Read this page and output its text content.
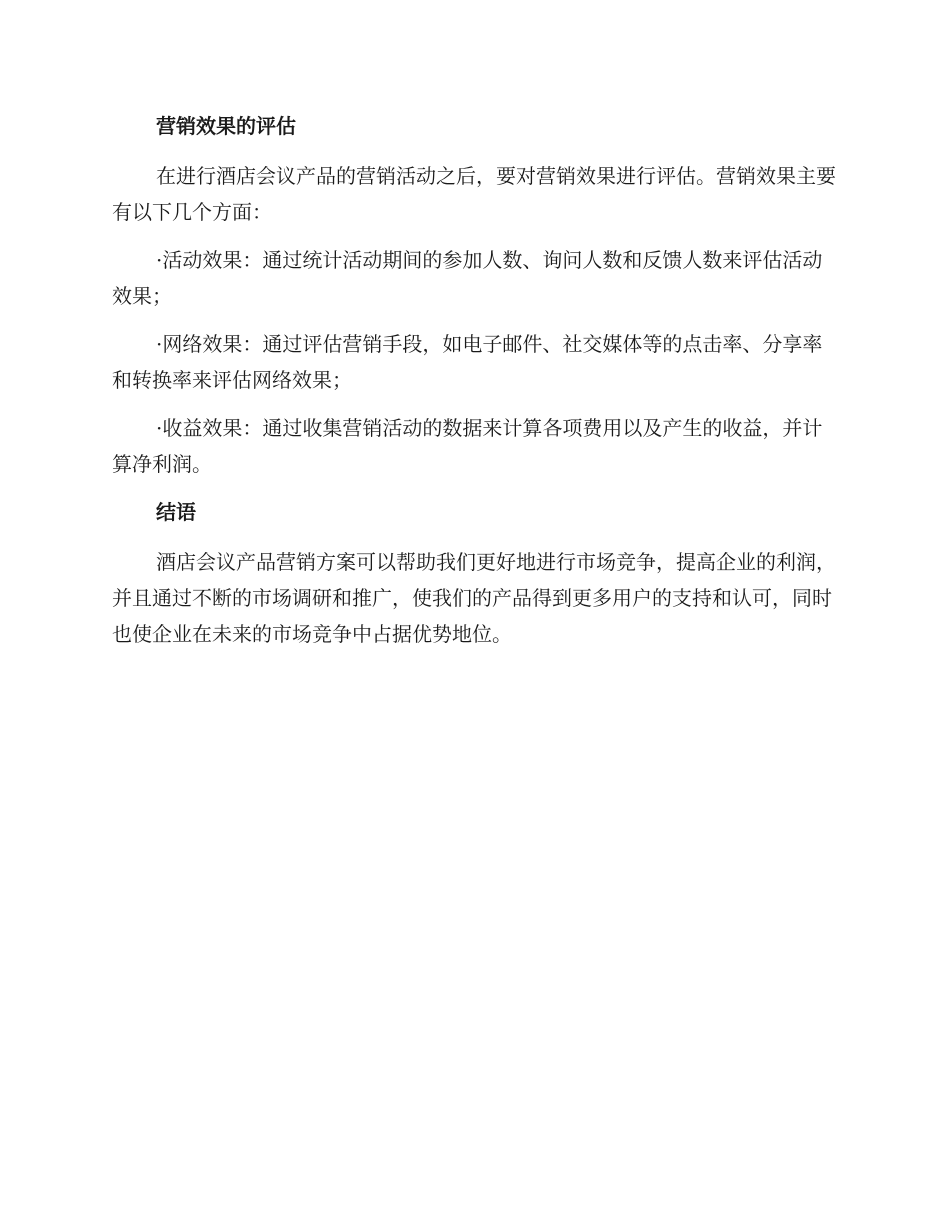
营销效果的评估

在进行酒店会议产品的营销活动之后，要对营销效果进行评估。营销效果主要有以下几个方面：

·活动效果：通过统计活动期间的参加人数、询问人数和反馈人数来评估活动效果；

·网络效果：通过评估营销手段，如电子邮件、社交媒体等的点击率、分享率和转换率来评估网络效果；

·收益效果：通过收集营销活动的数据来计算各项费用以及产生的收益，并计算净利润。

结语

酒店会议产品营销方案可以帮助我们更好地进行市场竞争，提高企业的利润，并且通过不断的市场调研和推广，使我们的产品得到更多用户的支持和认可，同时也使企业在未来的市场竞争中占据优势地位。
